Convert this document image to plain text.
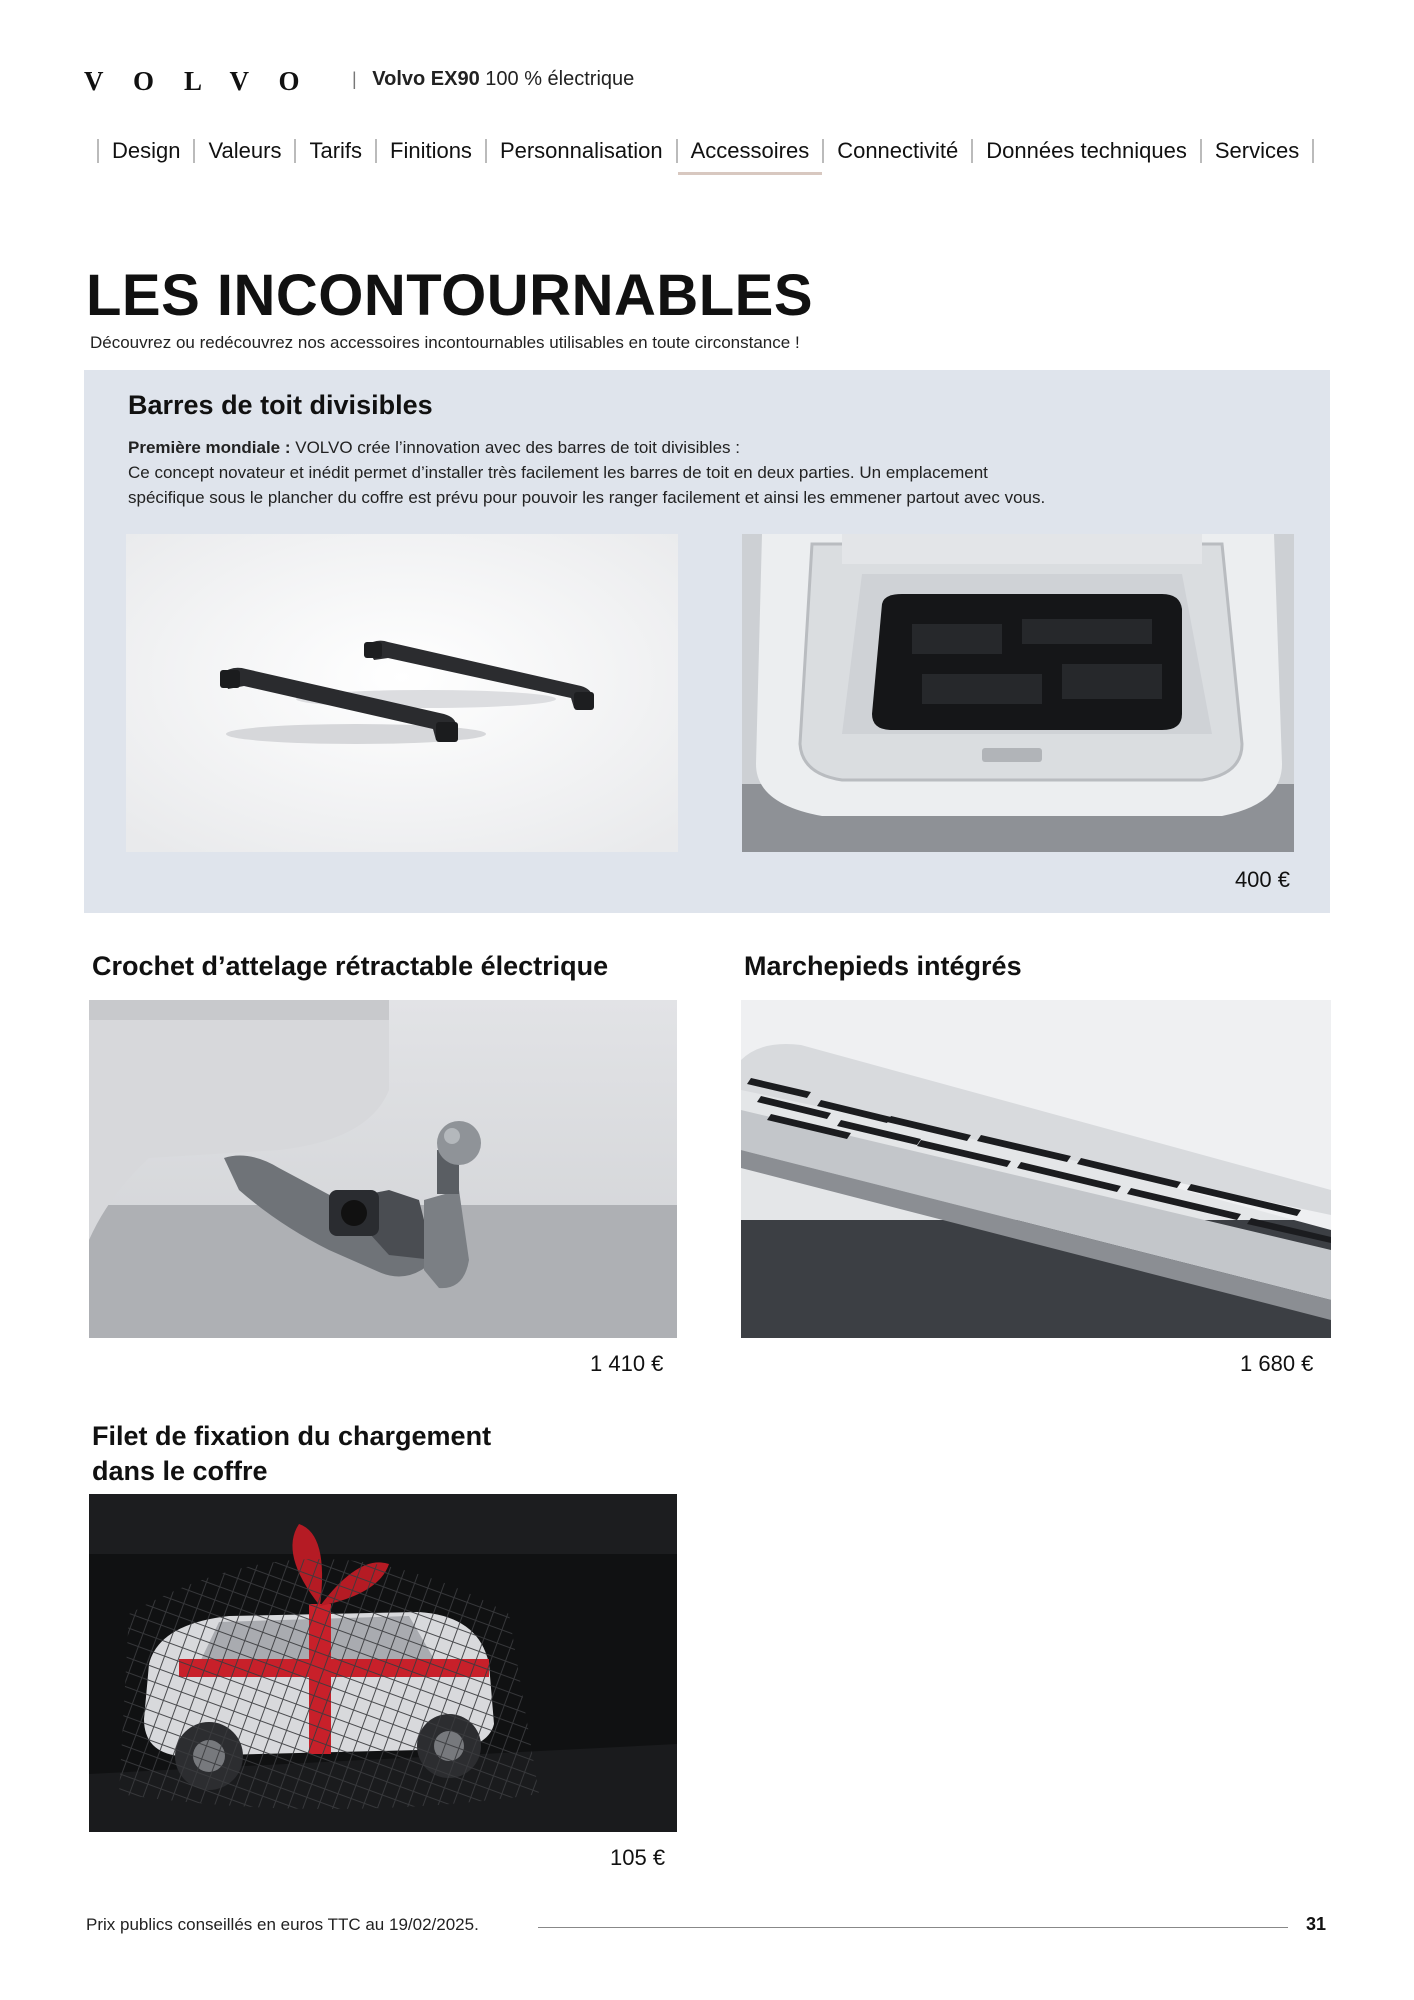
VOLVO | Volvo EX90 100 % électrique
Design Valeurs Tarifs Finitions Personnalisation Accessoires Connectivité Données techniques Services
LES INCONTOURNABLES
Découvrez ou redécouvrez nos accessoires incontournables utilisables en toute circonstance !
Barres de toit divisibles
Première mondiale : VOLVO crée l’innovation avec des barres de toit divisibles :
Ce concept novateur et inédit permet d’installer très facilement les barres de toit en deux parties. Un emplacement
spécifique sous le plancher du coffre est prévu pour pouvoir les ranger facilement et ainsi les emmener partout avec vous.
400 €
Crochet d’attelage rétractable électrique
1 410 €
Marchepieds intégrés
1 680 €
Filet de fixation du chargement
dans le coffre
105 €
Prix publics conseillés en euros TTC au 19/02/2025.	31
